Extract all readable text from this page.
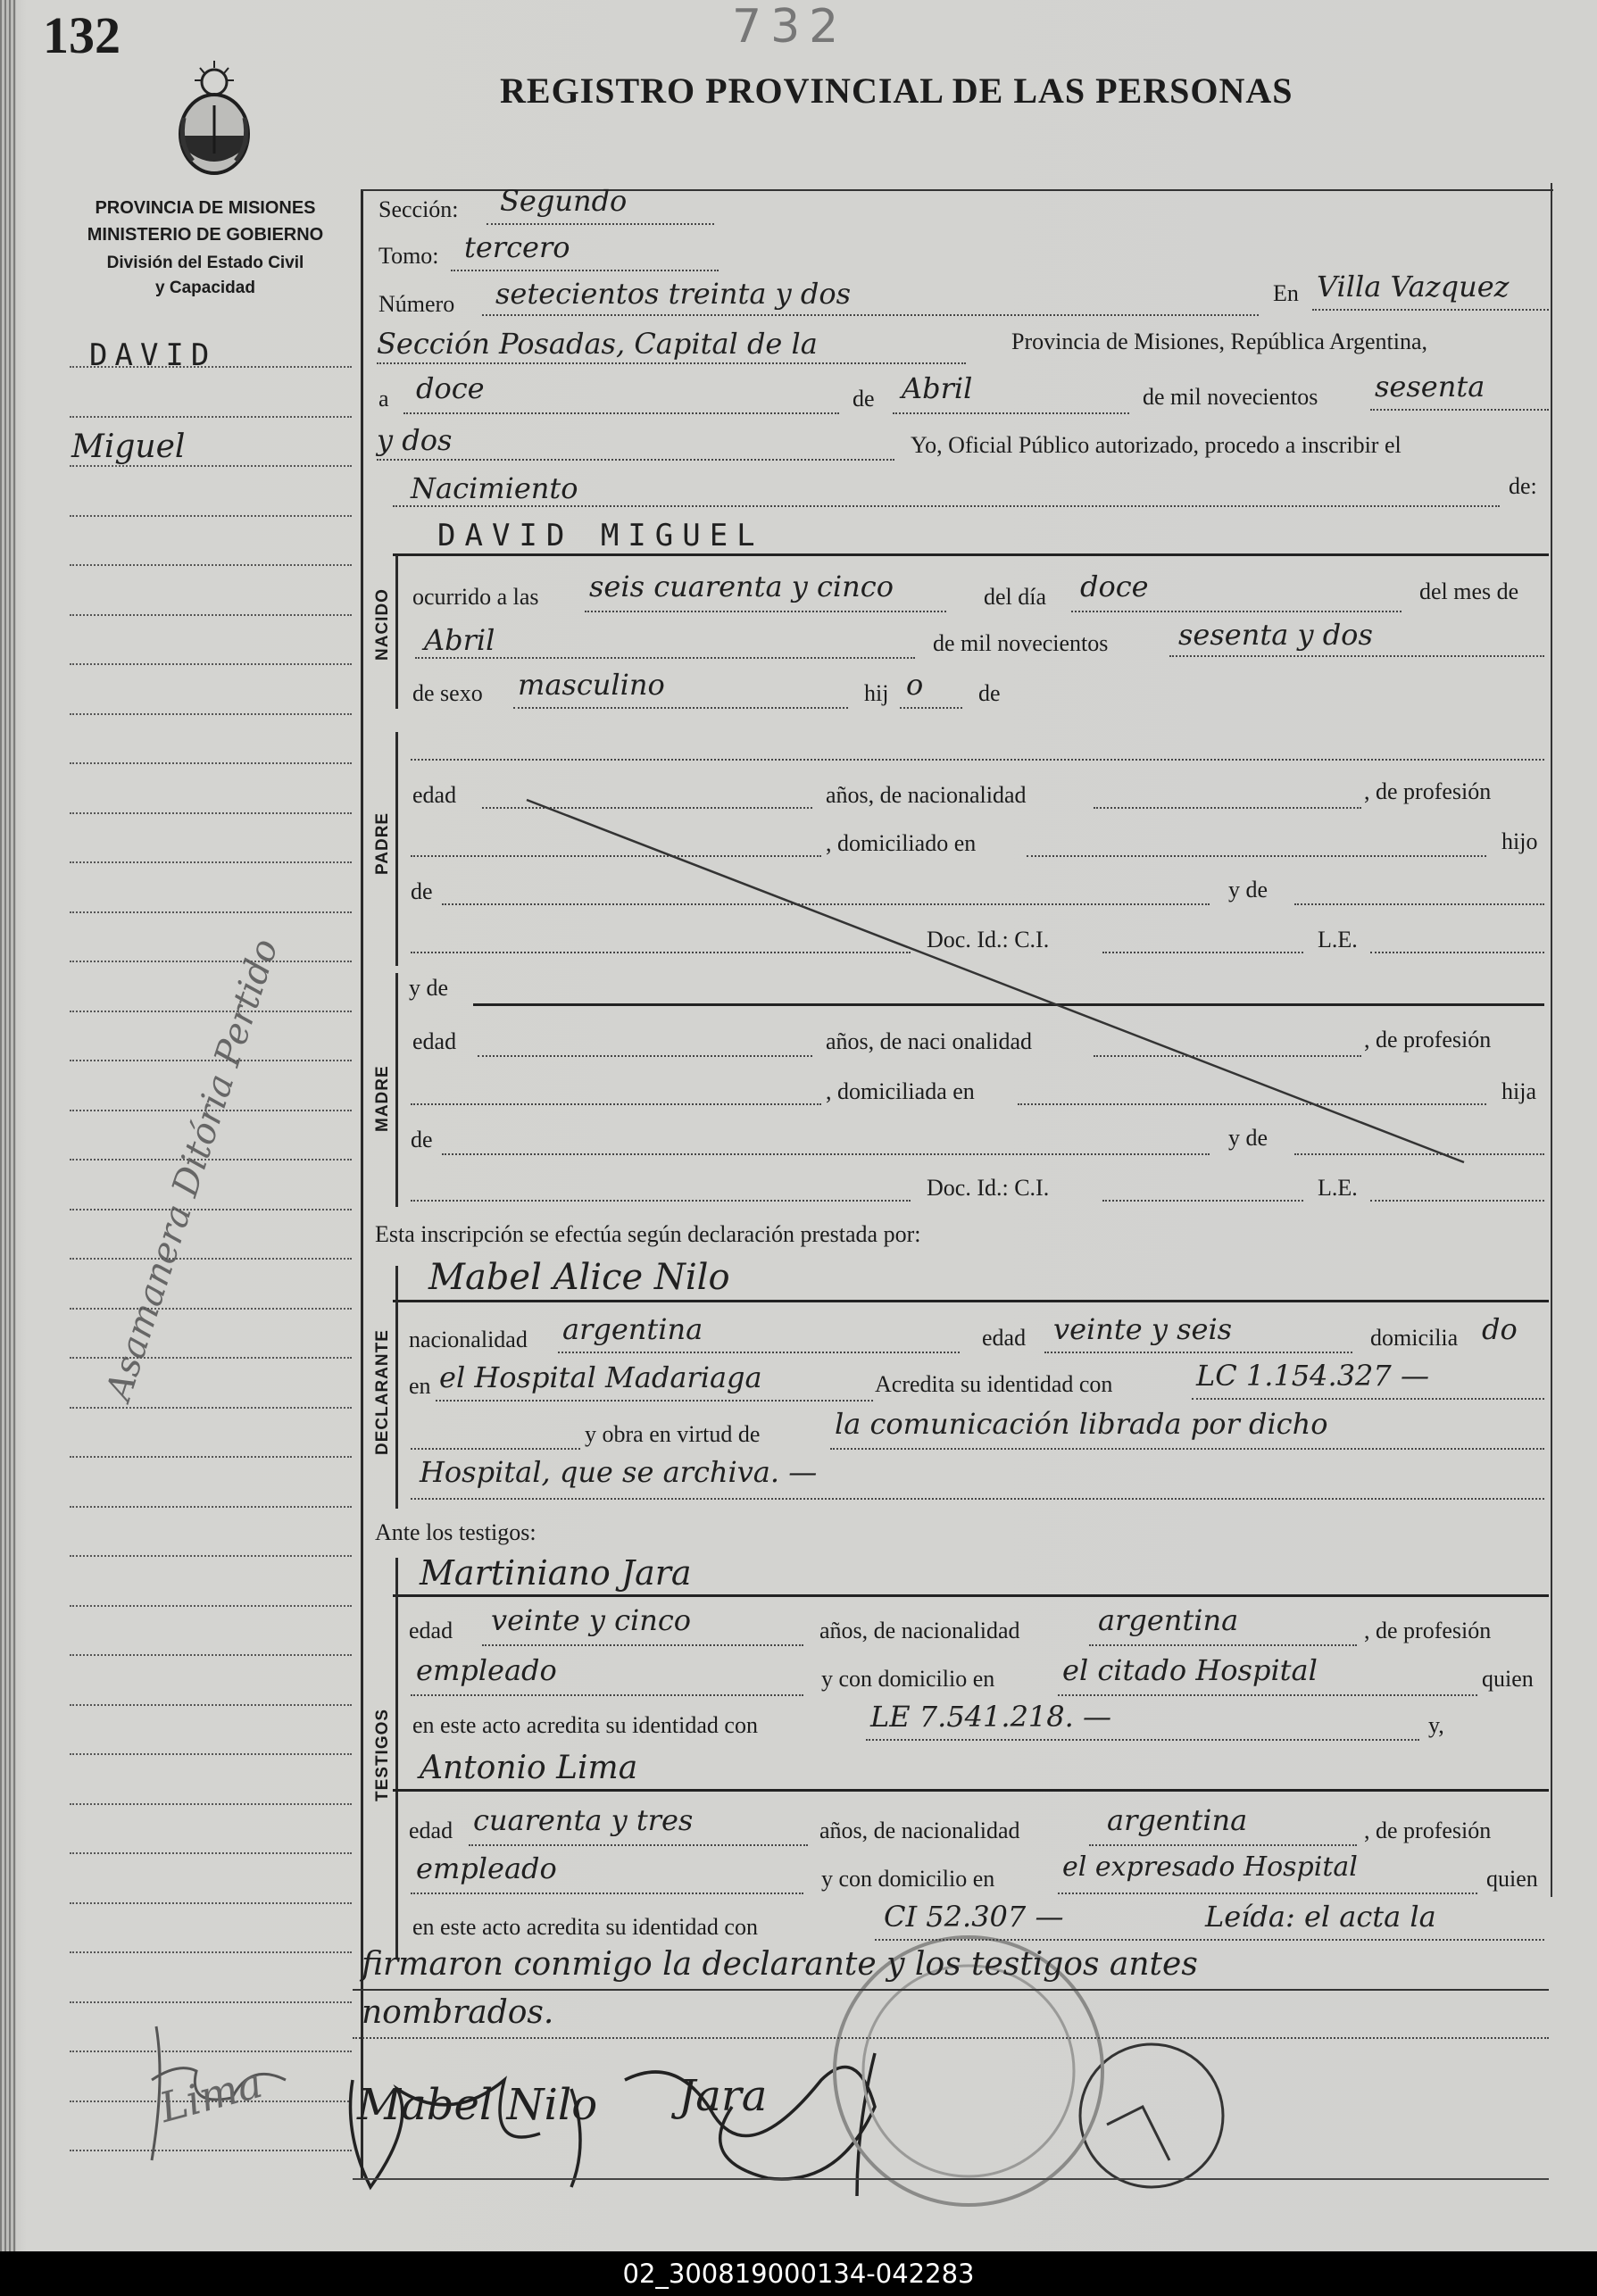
132	732
REGISTRO PROVINCIAL DE LAS PERSONAS
PROVINCIA DE MISIONES
MINISTERIO DE GOBIERNO
División del Estado Civil
y Capacidad
DAVID
Miguel
Asamanera Ditória Pertido
Sección: Segundo
Tomo: tercero
Número setecientos treinta y dos	En Villa Vazquez
Sección Posadas, Capital de la	Provincia de Misiones, República Argentina,
a doce	de Abril	de mil novecientos sesenta
y dos	Yo, Oficial Público autorizado, procedo a inscribir el
Nacimiento	de:
DAVID MIGUEL
NACIDO ocurrido a las seis cuarenta y cinco	del día doce	del mes de
Abril	de mil novecientos sesenta y dos
de sexo masculino	hij o de
PADRE
edad	años, de nacionalidad	, de profesión
, domiciliado en	hijo
de	y de
Doc. Id.: C.I.	L.E.
y de
MADRE
edad	años, de naci onalidad	, de profesión
, domiciliada en	hija
de	y de
Doc. Id.: C.I.	L.E.
Esta inscripción se efectúa según declaración prestada por:
Mabel Alice Nilo
DECLARANTE nacionalidad argentina	edad veinte y seis	domicilia do
en el Hospital Madariaga	Acredita su identidad con	LC 1.154.327 —
y obra en virtud de	la comunicación librada por dicho
Hospital, que se archiva. —
Ante los testigos:
Martiniano Jara
TESTIGOS
edad veinte y cinco	años, de nacionalidad	argentina	, de profesión
empleado	y con domicilio en el citado Hospital	quien
en este acto acredita su identidad con	LE 7.541.218. —	y,
Antonio Lima
edad cuarenta y tres	años, de nacionalidad	argentina	, de profesión
empleado	y con domicilio en	el expresado Hospital	quien
en este acto acredita su identidad con	CI 52.307 —	Leída: el acta la
firmaron conmigo la declarante y los testigos antes
nombrados.
Lima Mabel Nilo Jara
02_300819000134-042283
